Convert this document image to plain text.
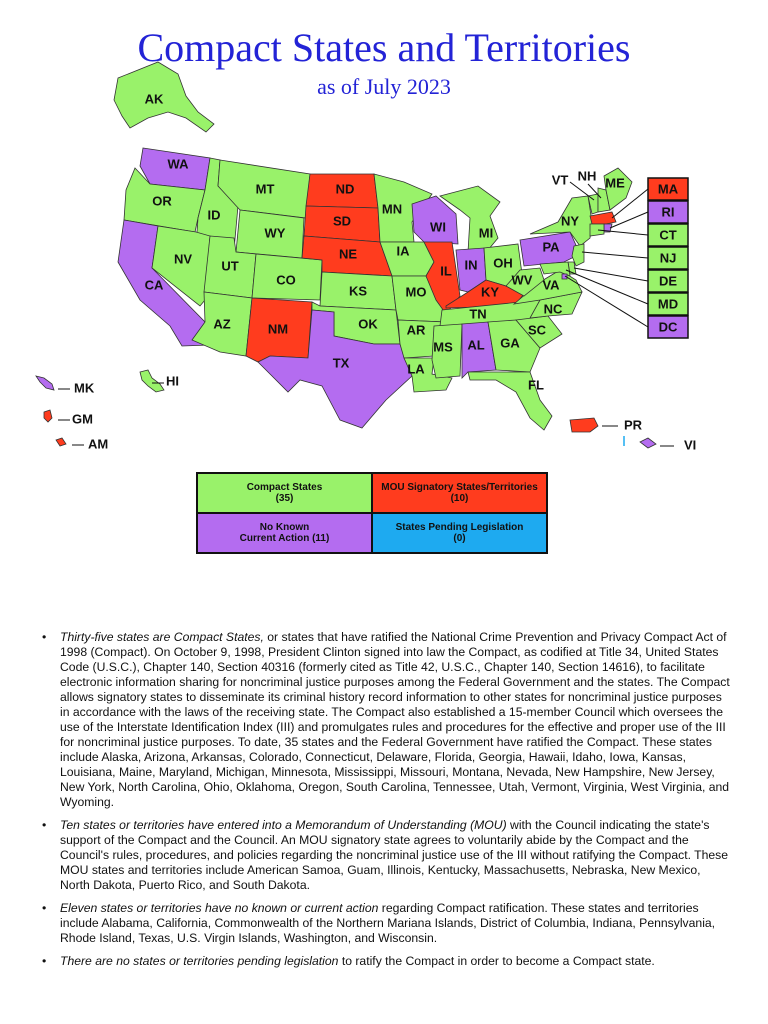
Compact States and Territories
as of July 2023
AK
WA
OR
CA
ID
NV
MT
WY
UT
AZ
CO
NM
ND
SD
NE
KS
OK
TX
MN
IA
MO
AR
LA
WI
IL
MI
IN OH
KY
TN
MS AL GA
FL
SC
NC
VA
WV
PA
NY
ME
VT NH
MA
RI
CT
NJ
DE
MD
DC
MK
GM
AM
HI
PR
VI
Compact States
(35)
MOU Signatory States/Territories
(10)
No Known
Current Action (11)
States Pending Legislation
(0)
• Thirty-five states are Compact States, or states that have ratified the National Crime Prevention and Privacy Compact Act of 1998 (Compact). On October 9, 1998, President Clinton signed into law the Compact, as codified at Title 34, United States Code (U.S.C.), Chapter 140, Section 40316 (formerly cited as Title 42, U.S.C., Chapter 140, Section 14616), to facilitate electronic information sharing for noncriminal justice purposes among the Federal Government and the states. The Compact allows signatory states to disseminate its criminal history record information to other states for noncriminal justice purposes in accordance with the laws of the receiving state. The Compact also established a 15-member Council which oversees the use of the Interstate Identification Index (III) and promulgates rules and procedures for the effective and proper use of the III for noncriminal justice purposes. To date, 35 states and the Federal Government have ratified the Compact. These states include Alaska, Arizona, Arkansas, Colorado, Connecticut, Delaware, Florida, Georgia, Hawaii, Idaho, Iowa, Kansas, Louisiana, Maine, Maryland, Michigan, Minnesota, Mississippi, Missouri, Montana, Nevada, New Hampshire, New Jersey, New York, North Carolina, Ohio, Oklahoma, Oregon, South Carolina, Tennessee, Utah, Vermont, Virginia, West Virginia, and Wyoming.
• Ten states or territories have entered into a Memorandum of Understanding (MOU) with the Council indicating the state's support of the Compact and the Council. An MOU signatory state agrees to voluntarily abide by the Compact and the Council's rules, procedures, and policies regarding the noncriminal justice use of the III without ratifying the Compact. These MOU states and territories include American Samoa, Guam, Illinois, Kentucky, Massachusetts, Nebraska, New Mexico, North Dakota, Puerto Rico, and South Dakota.
• Eleven states or territories have no known or current action regarding Compact ratification. These states and territories include Alabama, California, Commonwealth of the Northern Mariana Islands, District of Columbia, Indiana, Pennsylvania, Rhode Island, Texas, U.S. Virgin Islands, Washington, and Wisconsin.
• There are no states or territories pending legislation to ratify the Compact in order to become a Compact state.
